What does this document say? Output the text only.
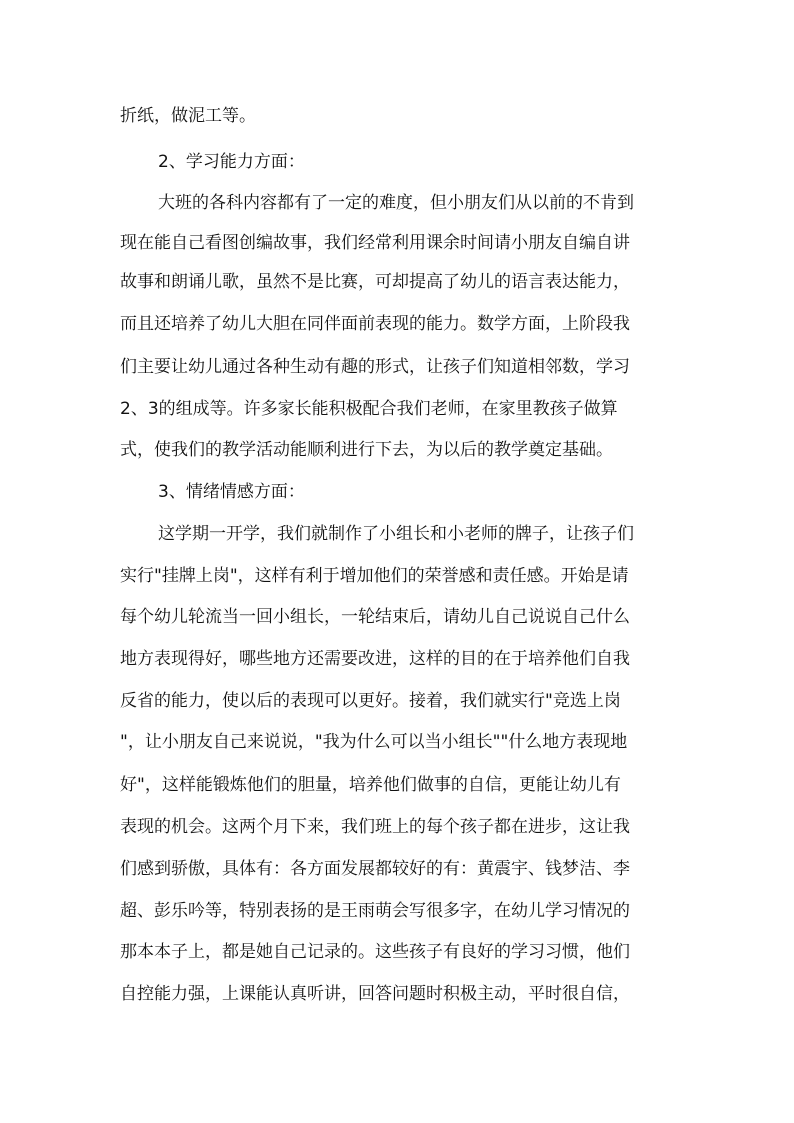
折纸，做泥工等。
2、学习能力方面：
大班的各科内容都有了一定的难度，但小朋友们从以前的不肯到
现在能自己看图创编故事，我们经常利用课余时间请小朋友自编自讲
故事和朗诵儿歌，虽然不是比赛，可却提高了幼儿的语言表达能力，
而且还培养了幼儿大胆在同伴面前表现的能力。数学方面，上阶段我
们主要让幼儿通过各种生动有趣的形式，让孩子们知道相邻数，学习
2、3的组成等。许多家长能积极配合我们老师，在家里教孩子做算
式，使我们的教学活动能顺利进行下去，为以后的教学奠定基础。
3、情绪情感方面：
这学期一开学，我们就制作了小组长和小老师的牌子，让孩子们
实行"挂牌上岗"，这样有利于增加他们的荣誉感和责任感。开始是请
每个幼儿轮流当一回小组长，一轮结束后，请幼儿自己说说自己什么
地方表现得好，哪些地方还需要改进，这样的目的在于培养他们自我
反省的能力，使以后的表现可以更好。接着，我们就实行"竞选上岗
"，让小朋友自己来说说，"我为什么可以当小组长""什么地方表现地
好"，这样能锻炼他们的胆量，培养他们做事的自信，更能让幼儿有
表现的机会。这两个月下来，我们班上的每个孩子都在进步，这让我
们感到骄傲，具体有：各方面发展都较好的有：黄震宇、钱梦洁、李
超、彭乐吟等，特别表扬的是王雨萌会写很多字，在幼儿学习情况的
那本本子上，都是她自己记录的。这些孩子有良好的学习习惯，他们
自控能力强，上课能认真听讲，回答问题时积极主动，平时很自信，
